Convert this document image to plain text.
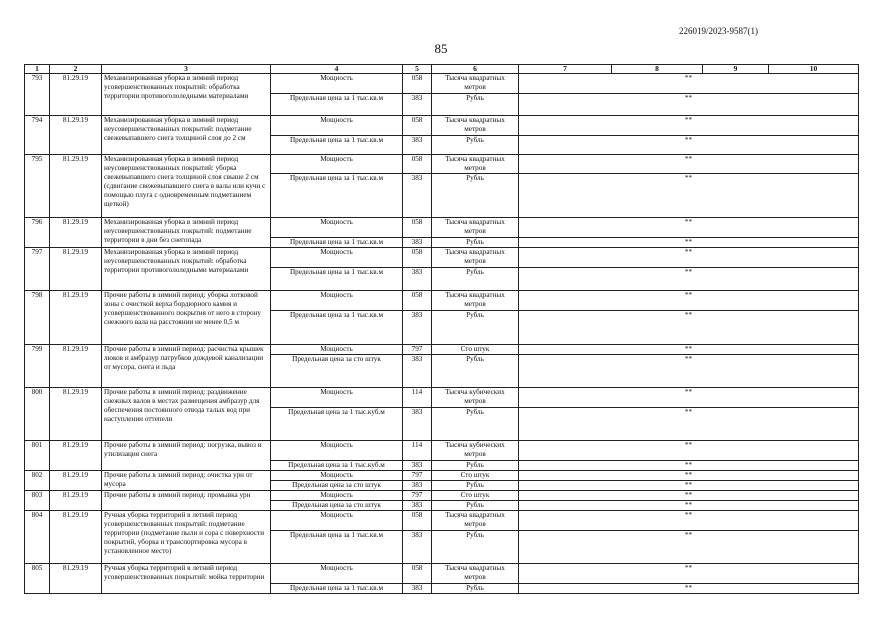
226019/2023-9587(1)
85
1	2	3	4	5	6	7	8	9	10
793	81.29.19	Механизированная уборка в зимний период усовершенствованных покрытий: обработка территории противогололедными материалами	Мощность	058	Тысяча квадратных метров	**			
			Предельная цена за 1 тыс.кв.м	383	Рубль	**			
794	81.29.19	Механизированная уборка в зимний период неусовершенствованных покрытий: подметание свежевыпавшего снега толщиной слоя до 2 см	Мощность	058	Тысяча квадратных метров	**			
			Предельная цена за 1 тыс.кв.м	383	Рубль	**			
795	81.29.19	Механизированная уборка в зимний период неусовершенствованных покрытий: уборка свежевыпавшего снега толщиной слоя свыше 2 см (сдвигание свежевыпавшего снега в валы или кучи с помощью плуга с одновременным подметанием щеткой)	Мощность	058	Тысяча квадратных метров	**			
			Предельная цена за 1 тыс.кв.м	383	Рубль	**			
796	81.29.19	Механизированная уборка в зимний период неусовершенствованных покрытий: подметание территории в дни без снегопада	Мощность	058	Тысяча квадратных метров	**			
			Предельная цена за 1 тыс.кв.м	383	Рубль	**			
797	81.29.19	Механизированная уборка в зимний период неусовершенствованных покрытий: обработка территории противогололедными материалами	Мощность	058	Тысяча квадратных метров	**			
			Предельная цена за 1 тыс.кв.м	383	Рубль	**			
798	81.29.19	Прочие работы в зимний период: уборка лотковой зоны с очисткой верха бордюрного камня и усовершенствованного покрытия от него в сторону снежного вала на расстоянии не менее 0,5 м	Мощность	058	Тысяча квадратных метров	**			
			Предельная цена за 1 тыс.кв.м	383	Рубль	**			
799	81.29.19	Прочие работы в зимний период: расчистка крышек люков и амбразур патрубков дождевой канализации от мусора, снега и льда	Мощность	797	Сто штук	**			
			Предельная цена за сто штук	383	Рубль	**			
800	81.29.19	Прочие работы в зимний период: раздвижение снежных валов в местах размещения амбразур для обеспечения постоянного отвода талых вод при наступлении оттепели	Мощность	114	Тысяча кубических метров	**			
			Предельная цена за 1 тыс.куб.м	383	Рубль	**			
801	81.29.19	Прочие работы в зимний период: погрузка, вывоз и утилизация снега	Мощность	114	Тысяча кубических метров	**			
			Предельная цена за 1 тыс.куб.м	383	Рубль	**			
802	81.29.19	Прочие работы в зимний период: очистка урн от мусора	Мощность	797	Сто штук	**			
			Предельная цена за сто штук	383	Рубль	**			
803	81.29.19	Прочие работы в зимний период: промывка урн	Мощность	797	Сто штук	**			
			Предельная цена за сто штук	383	Рубль	**			
804	81.29.19	Ручная уборка территорий в летний период усовершенствованных покрытий: подметание территории (подметание пыли и сора с поверхности покрытий, уборка и транспортировка мусора в установленное место)	Мощность	058	Тысяча квадратных метров	**			
			Предельная цена за 1 тыс.кв.м	383	Рубль	**			
805	81.29.19	Ручная уборка территорий в летний период усовершенствованных покрытий: мойка территории	Мощность	058	Тысяча квадратных метров	**			
			Предельная цена за 1 тыс.кв.м	383	Рубль	**			
